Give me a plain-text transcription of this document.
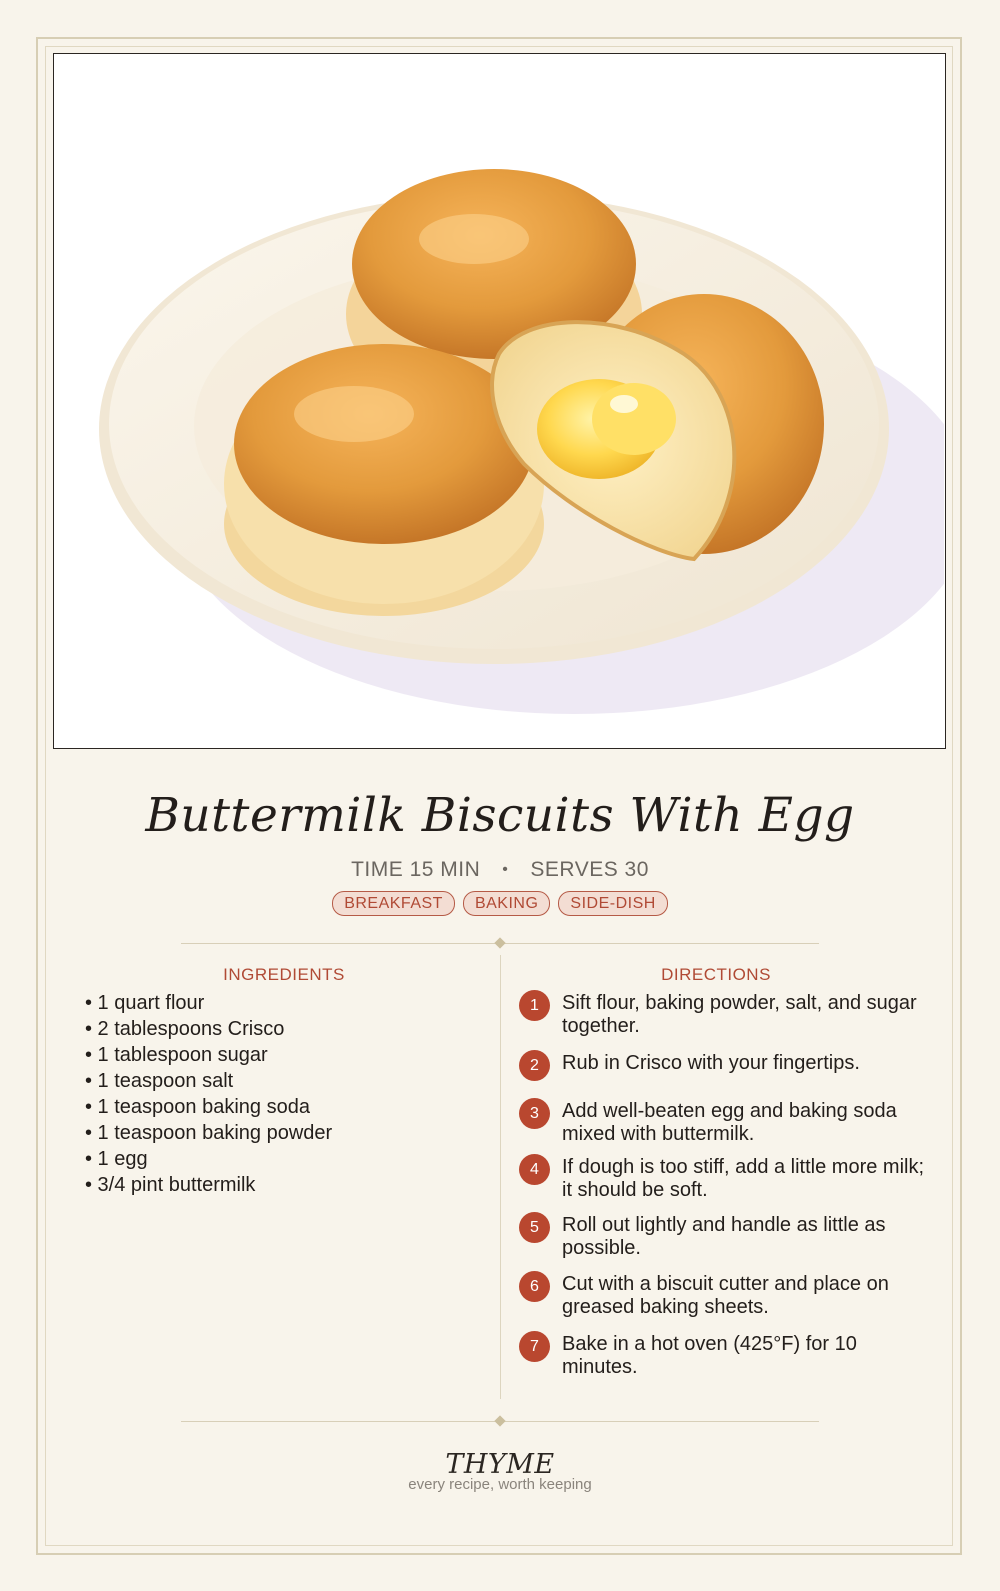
Buttermilk Biscuits With Egg
TIME 15 MIN • SERVES 30
BREAKFAST	BAKING	SIDE-DISH
INGREDIENTS	DIRECTIONS
• 1 quart flour
• 2 tablespoons Crisco
• 1 tablespoon sugar
• 1 teaspoon salt
• 1 teaspoon baking soda
• 1 teaspoon baking powder
• 1 egg
• 3/4 pint buttermilk
1	Sift flour, baking powder, salt, and sugar together.
2	Rub in Crisco with your fingertips.
3	Add well-beaten egg and baking soda mixed with buttermilk.
4	If dough is too stiff, add a little more milk; it should be soft.
5	Roll out lightly and handle as little as possible.
6	Cut with a biscuit cutter and place on greased baking sheets.
7	Bake in a hot oven (425°F) for 10 minutes.
THYME
every recipe, worth keeping
